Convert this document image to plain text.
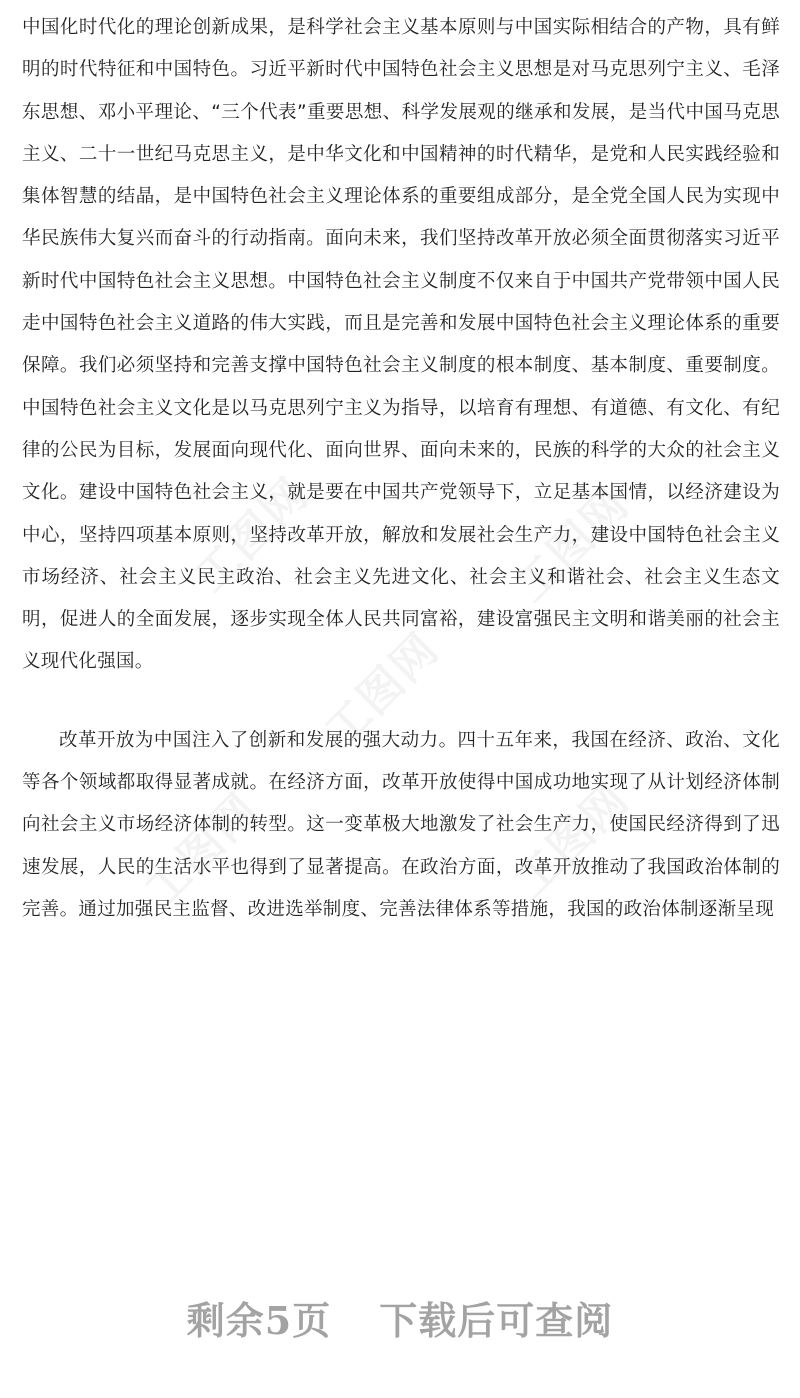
工图网	工图网
工图网
工图网	工图网

中国化时代化的理论创新成果，是科学社会主义基本原则与中国实际相结合的产物，具有鲜明的时代特征和中国特色。习近平新时代中国特色社会主义思想是对马克思列宁主义、毛泽东思想、邓小平理论、“三个代表”重要思想、科学发展观的继承和发展，是当代中国马克思主义、二十一世纪马克思主义，是中华文化和中国精神的时代精华，是党和人民实践经验和集体智慧的结晶，是中国特色社会主义理论体系的重要组成部分，是全党全国人民为实现中华民族伟大复兴而奋斗的行动指南。面向未来，我们坚持改革开放必须全面贯彻落实习近平新时代中国特色社会主义思想。中国特色社会主义制度不仅来自于中国共产党带领中国人民走中国特色社会主义道路的伟大实践，而且是完善和发展中国特色社会主义理论体系的重要保障。我们必须坚持和完善支撑中国特色社会主义制度的根本制度、基本制度、重要制度。中国特色社会主义文化是以马克思列宁主义为指导，以培育有理想、有道德、有文化、有纪律的公民为目标，发展面向现代化、面向世界、面向未来的，民族的科学的大众的社会主义文化。建设中国特色社会主义，就是要在中国共产党领导下，立足基本国情，以经济建设为中心，坚持四项基本原则，坚持改革开放，解放和发展社会生产力，建设中国特色社会主义市场经济、社会主义民主政治、社会主义先进文化、社会主义和谐社会、社会主义生态文明，促进人的全面发展，逐步实现全体人民共同富裕，建设富强民主文明和谐美丽的社会主义现代化强国。

改革开放为中国注入了创新和发展的强大动力。四十五年来，我国在经济、政治、文化等各个领域都取得显著成就。在经济方面，改革开放使得中国成功地实现了从计划经济体制向社会主义市场经济体制的转型。这一变革极大地激发了社会生产力，使国民经济得到了迅速发展，人民的生活水平也得到了显著提高。在政治方面，改革开放推动了我国政治体制的完善。通过加强民主监督、改进选举制度、完善法律体系等措施，我国的政治体制逐渐呈现

剩余5页 下载后可查阅
